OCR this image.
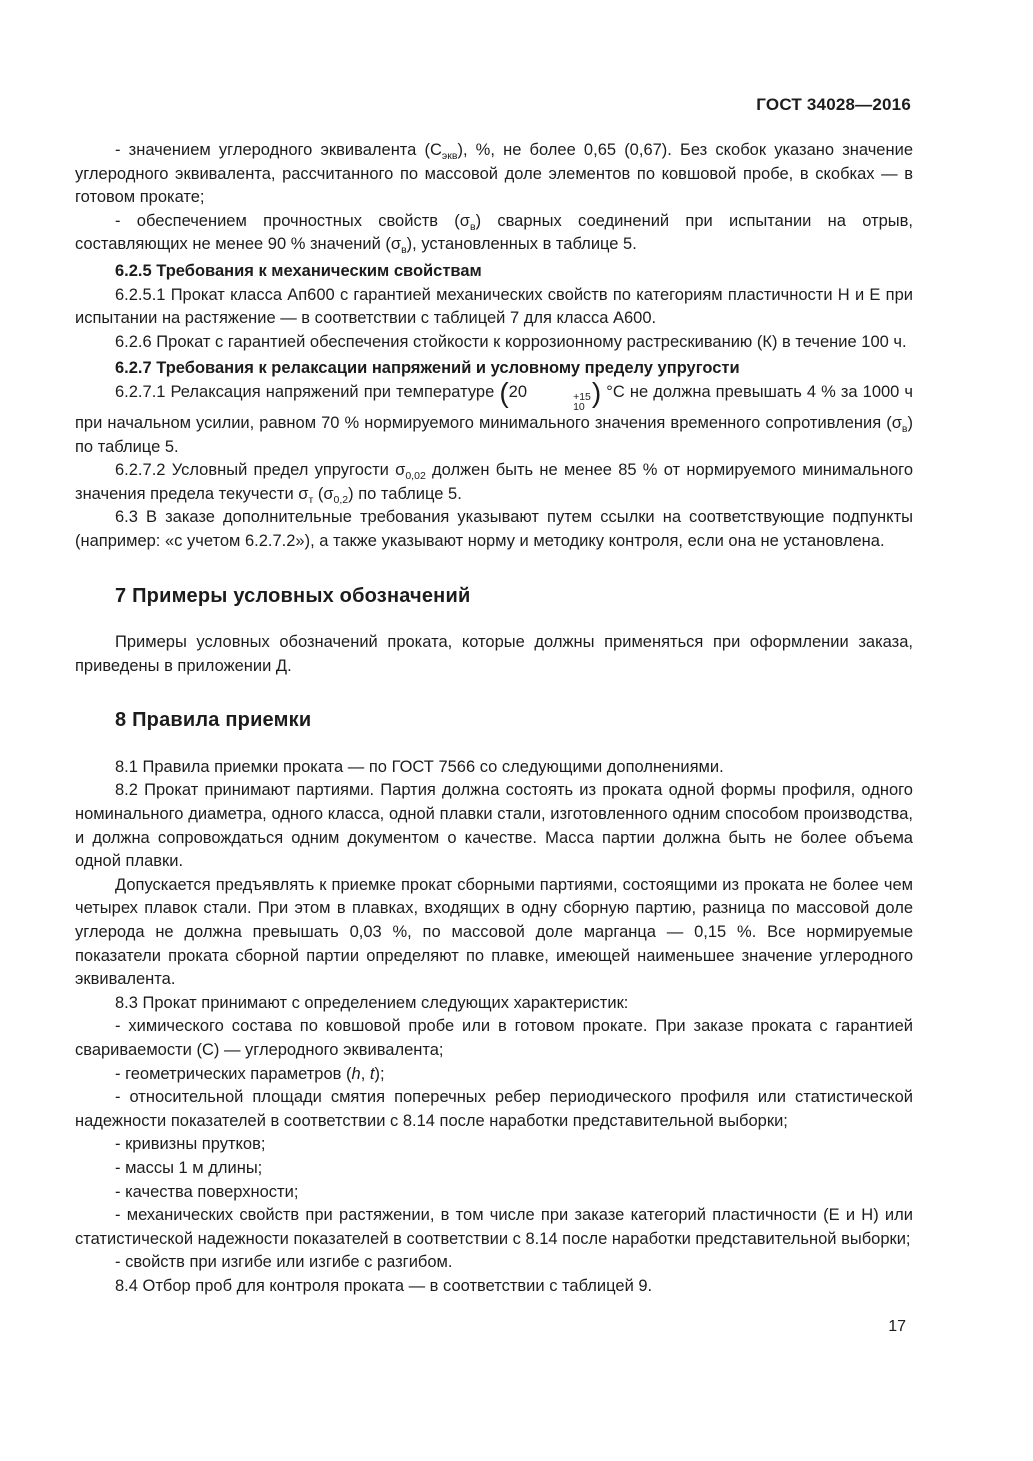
ГОСТ 34028—2016
- значением углеродного эквивалента $(С_{экв})$, %, не более 0,65 (0,67). Без скобок указано значение углеродного эквивалента, рассчитанного по массовой доле элементов по ковшовой пробе, в скобках — в готовом прокате;
- обеспечением прочностных свойств $(\sigma_в)$ сварных соединений при испытании на отрыв, составляющих не менее 90 % значений $(\sigma_в)$, установленных в таблице 5.
6.2.5 Требования к механическим свойствам
6.2.5.1 Прокат класса Ап600 с гарантией механических свойств по категориям пластичности Н и Е при испытании на растяжение — в соответствии с таблицей 7 для класса А600.
6.2.6 Прокат с гарантией обеспечения стойкости к коррозионному растрескиванию (К) в течение 100 ч.
6.2.7 Требования к релаксации напряжений и условному пределу упругости
6.2.7.1 Релаксация напряжений при температуре (20	+15
10 ) °С не должна превышать 4 % за 1000 ч при начальном усилии, равном 70 % нормируемого минимального значения временного сопротивления $(\sigma_в)$ по таблице 5.
6.2.7.2 Условный предел упругости $\sigma_{0,02}$ должен быть не менее 85 % от нормируемого минимального значения предела текучести $\sigma_т$ $(\sigma_{0,2})$ по таблице 5.
6.3 В заказе дополнительные требования указывают путем ссылки на соответствующие подпункты (например: «с учетом 6.2.7.2»), а также указывают норму и методику контроля, если она не установлена.
7 Примеры условных обозначений
Примеры условных обозначений проката, которые должны применяться при оформлении заказа, приведены в приложении Д.
8 Правила приемки
8.1 Правила приемки проката — по ГОСТ 7566 со следующими дополнениями.
8.2 Прокат принимают партиями. Партия должна состоять из проката одной формы профиля, одного номинального диаметра, одного класса, одной плавки стали, изготовленного одним способом производства, и должна сопровождаться одним документом о качестве. Масса партии должна быть не более объема одной плавки.
Допускается предъявлять к приемке прокат сборными партиями, состоящими из проката не более чем четырех плавок стали. При этом в плавках, входящих в одну сборную партию, разница по массовой доле углерода не должна превышать 0,03 %, по массовой доле марганца — 0,15 %. Все нормируемые показатели проката сборной партии определяют по плавке, имеющей наименьшее значение углеродного эквивалента.
8.3 Прокат принимают с определением следующих характеристик:
- химического состава по ковшовой пробе или в готовом прокате. При заказе проката с гарантией свариваемости (С) — углеродного эквивалента;
- геометрических параметров (h, t);
- относительной площади смятия поперечных ребер периодического профиля или статистической надежности показателей в соответствии с 8.14 после наработки представительной выборки;
- кривизны прутков;
- массы 1 м длины;
- качества поверхности;
- механических свойств при растяжении, в том числе при заказе категорий пластичности (Е и Н) или статистической надежности показателей в соответствии с 8.14 после наработки представительной выборки;
- свойств при изгибе или изгибе с разгибом.
8.4 Отбор проб для контроля проката — в соответствии с таблицей 9.
17
